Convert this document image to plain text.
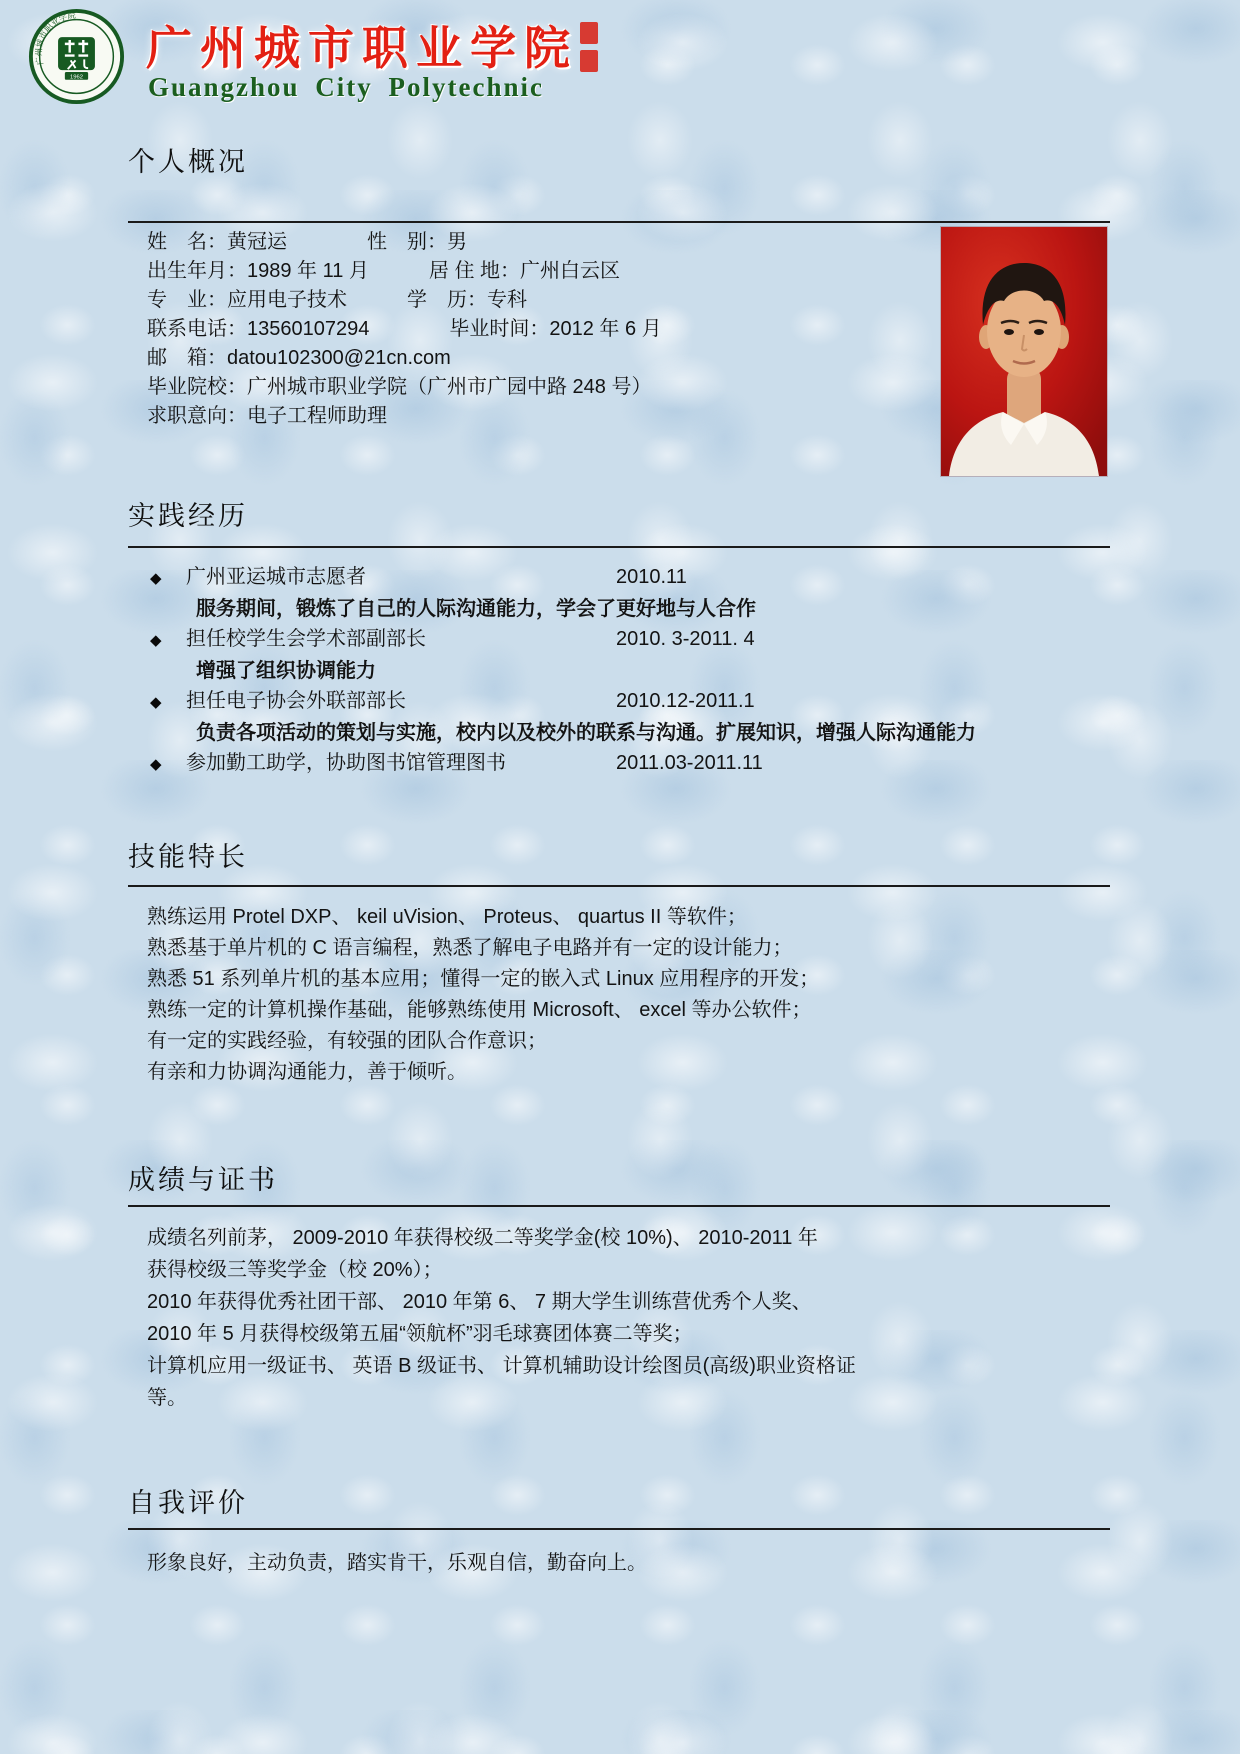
广州城市职业学院
1962
广州城市职业学院
Guangzhou City Polytechnic
个人概况
姓　名：黄冠运　　　　性　别：男
出生年月：1989 年 11 月　　　居 住 地：广州白云区
专　业：应用电子技术　　　学　历：专科
联系电话：13560107294　　　　毕业时间：2012 年 6 月
邮　箱：datou102300@21cn.com
毕业院校：广州城市职业学院（广州市广园中路 248 号）
求职意向：电子工程师助理
实践经历
◆	广州亚运城市志愿者	2010.11
服务期间，锻炼了自己的人际沟通能力，学会了更好地与人合作
◆	担任校学生会学术部副部长	2010. 3-2011. 4
增强了组织协调能力
◆	担任电子协会外联部部长	2010.12-2011.1
负责各项活动的策划与实施，校内以及校外的联系与沟通。扩展知识，增强人际沟通能力
◆	参加勤工助学，协助图书馆管理图书	2011.03-2011.11
技能特长
熟练运用 Protel DXP、 keil uVision、 Proteus、 quartus II 等软件；
熟悉基于单片机的 C 语言编程，熟悉了解电子电路并有一定的设计能力；
熟悉 51 系列单片机的基本应用；懂得一定的嵌入式 Linux 应用程序的开发；
熟练一定的计算机操作基础，能够熟练使用 Microsoft、 excel 等办公软件；
有一定的实践经验，有较强的团队合作意识；
有亲和力协调沟通能力，善于倾听。
成绩与证书
成绩名列前茅， 2009-2010 年获得校级二等奖学金(校 10%)、 2010-2011 年
获得校级三等奖学金（校 20%）；
2010 年获得优秀社团干部、 2010 年第 6、 7 期大学生训练营优秀个人奖、
2010 年 5 月获得校级第五届“领航杯”羽毛球赛团体赛二等奖；
计算机应用一级证书、 英语 B 级证书、 计算机辅助设计绘图员(高级)职业资格证
等。
自我评价
形象良好，主动负责，踏实肯干，乐观自信，勤奋向上。
